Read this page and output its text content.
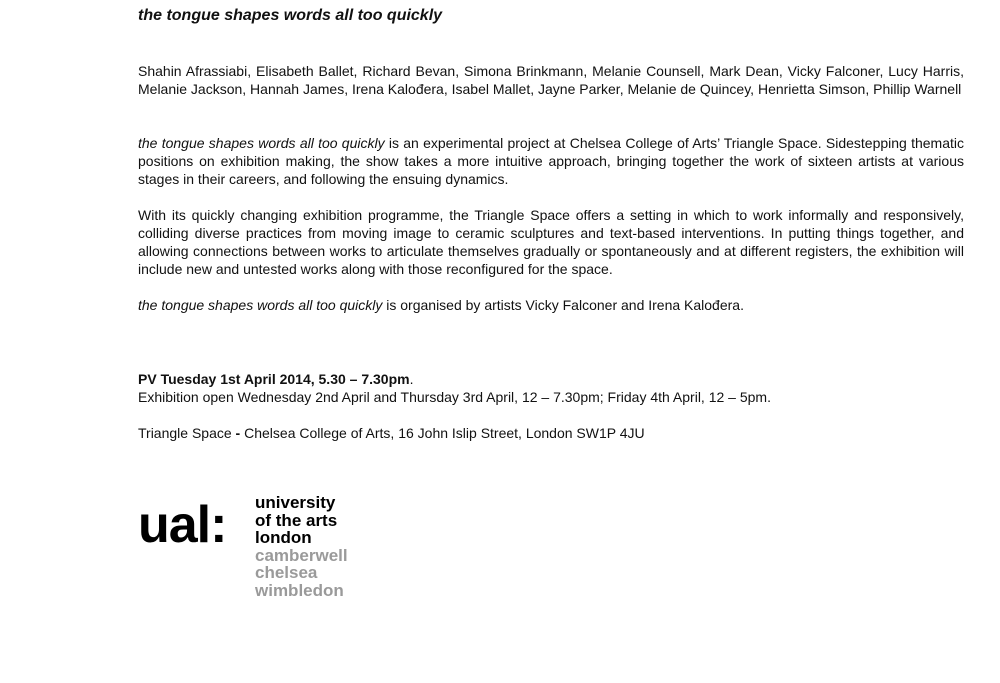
the tongue shapes words all too quickly
Shahin Afrassiabi, Elisabeth Ballet, Richard Bevan, Simona Brinkmann, Melanie Counsell, Mark Dean, Vicky Falconer, Lucy Harris, Melanie Jackson, Hannah James, Irena Kalođera, Isabel Mallet, Jayne Parker, Melanie de Quincey, Henrietta Simson, Phillip Warnell
the tongue shapes words all too quickly is an experimental project at Chelsea College of Arts’ Triangle Space. Sidestepping thematic positions on exhibition making, the show takes a more intuitive approach, bringing together the work of sixteen artists at various stages in their careers, and following the ensuing dynamics.
With its quickly changing exhibition programme, the Triangle Space offers a setting in which to work informally and responsively, colliding diverse practices from moving image to ceramic sculptures and text-based interventions. In putting things together, and allowing connections between works to articulate themselves gradually or spontaneously and at different registers, the exhibition will include new and untested works along with those reconfigured for the space.
the tongue shapes words all too quickly is organised by artists Vicky Falconer and Irena Kalođera.
PV Tuesday 1st April 2014, 5.30 – 7.30pm.
Exhibition open Wednesday 2nd April and Thursday 3rd April, 12 – 7.30pm; Friday 4th April, 12 – 5pm.
Triangle Space - Chelsea College of Arts, 16 John Islip Street, London SW1P 4JU
ual: university
of the arts
london
camberwell
chelsea
wimbledon
